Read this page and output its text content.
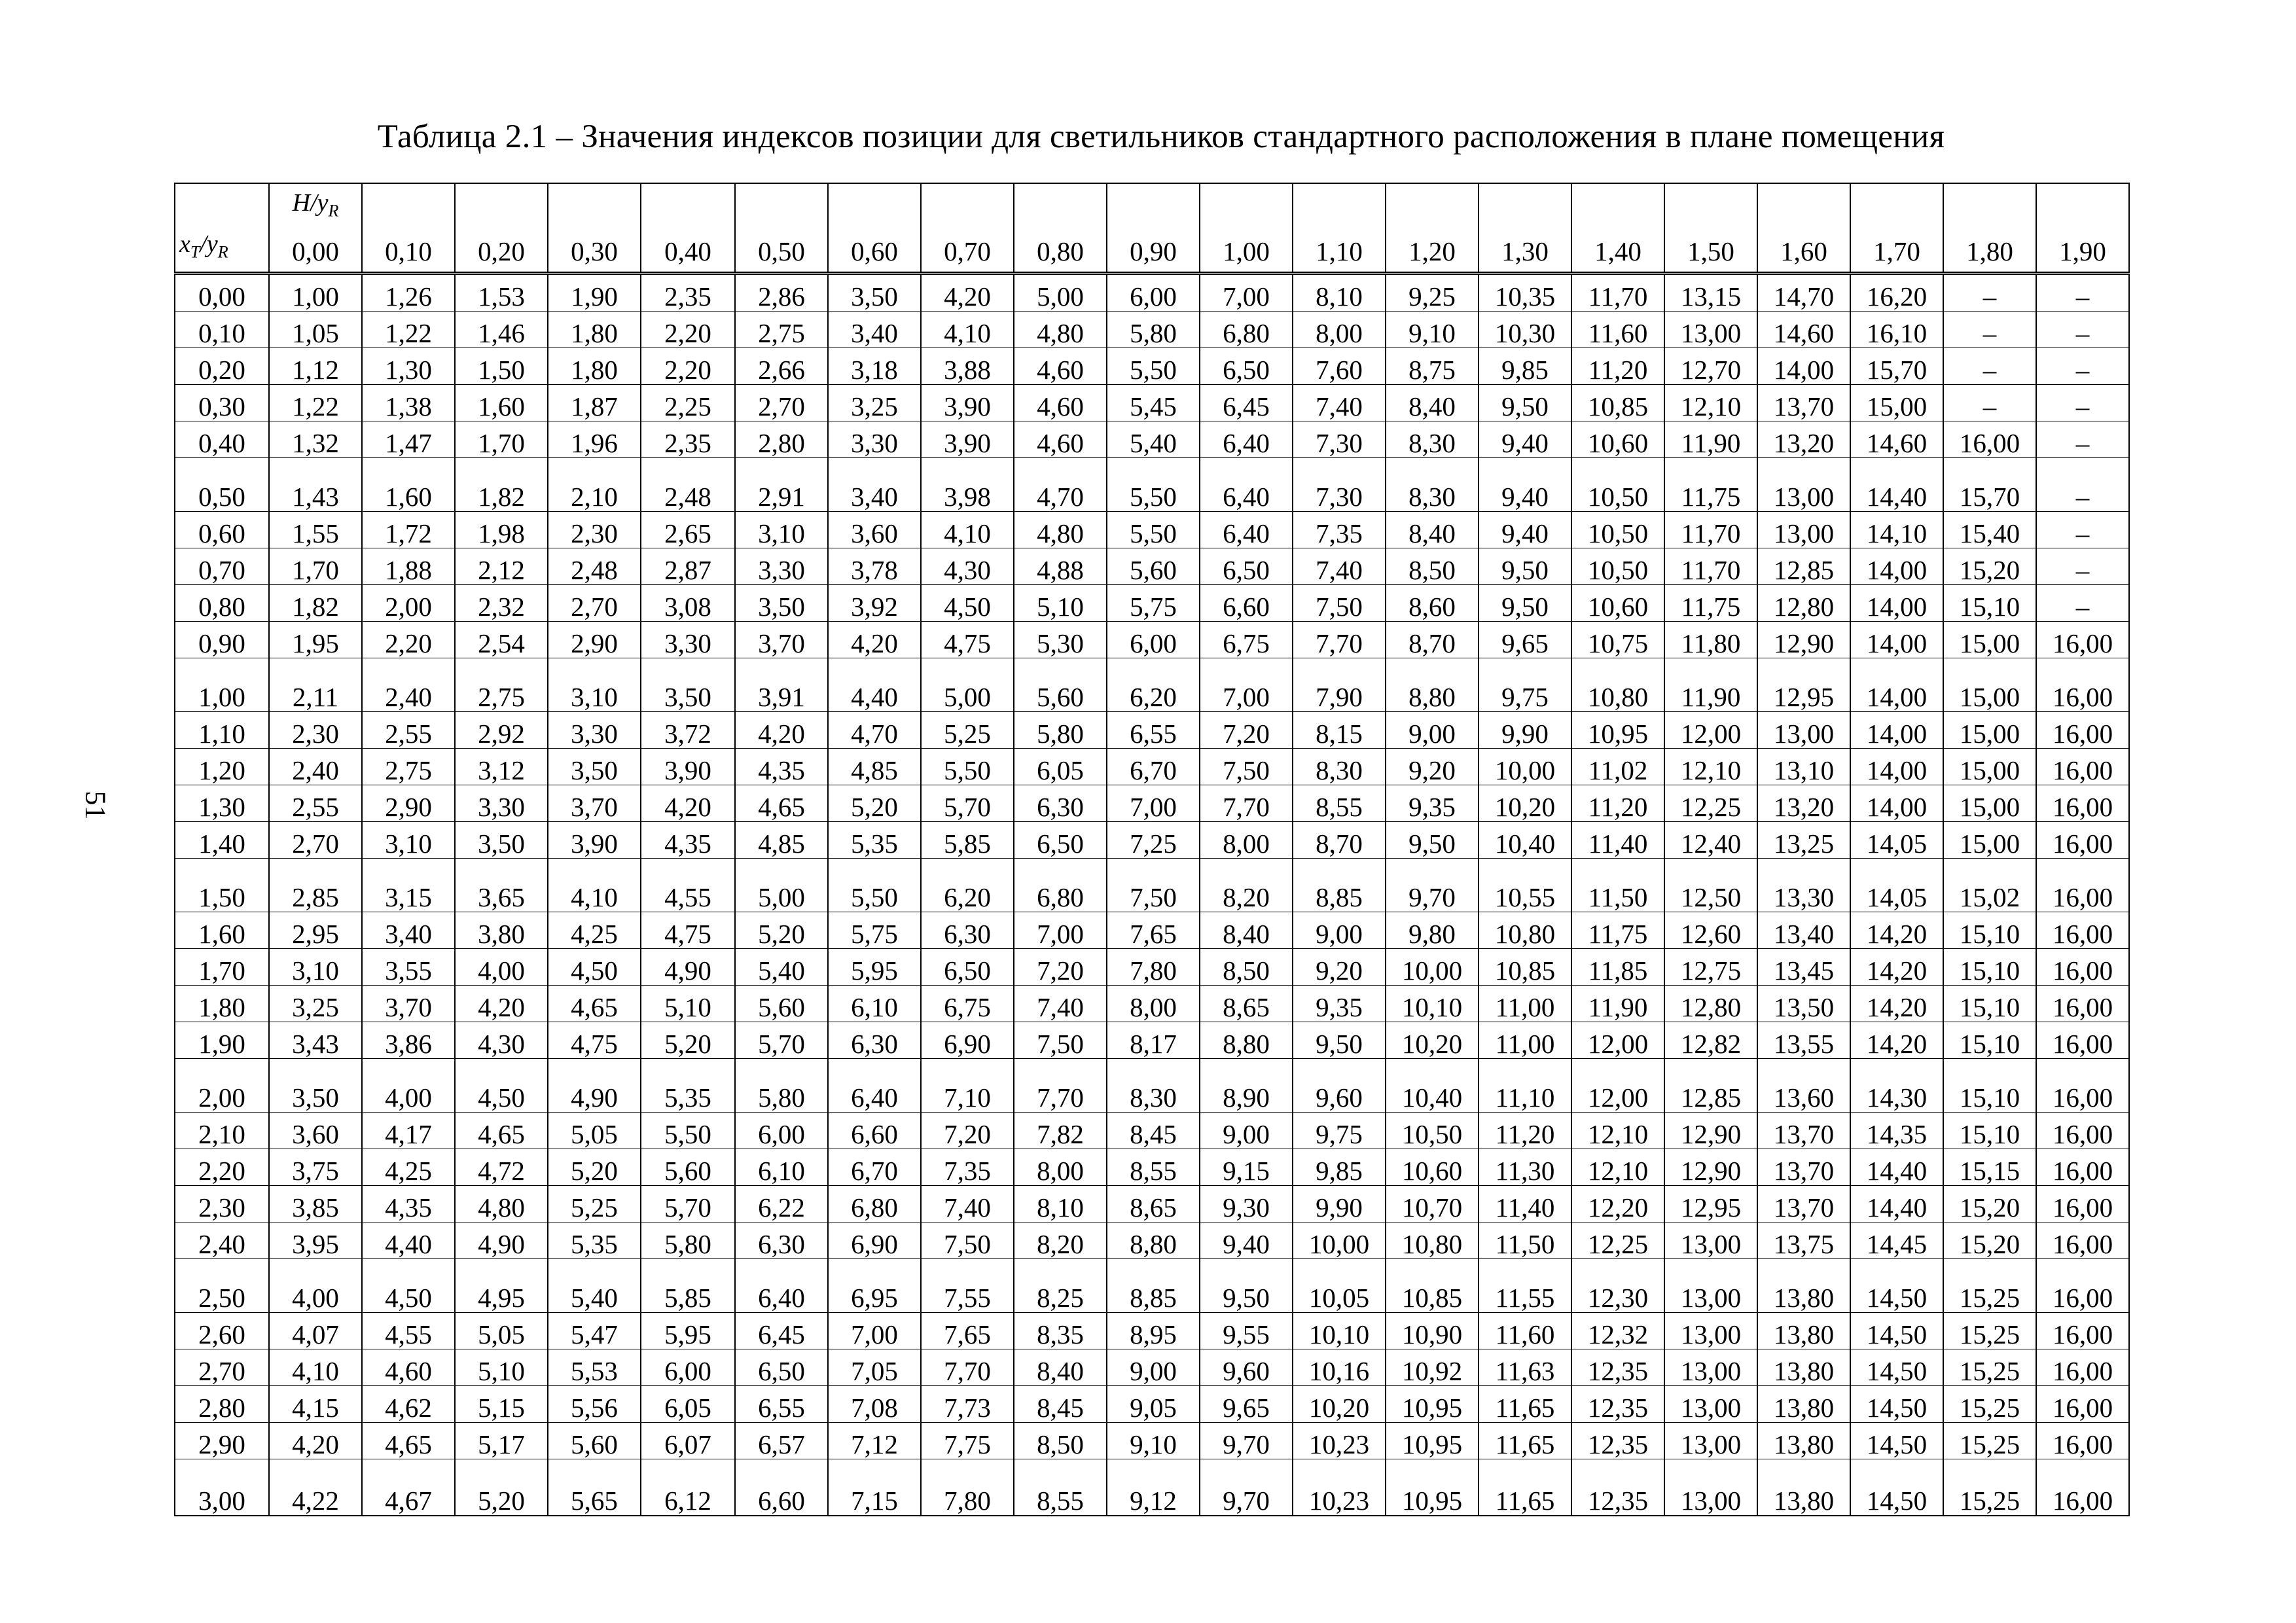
Таблица 2.1 – Значения индексов позиции для светильников стандартного расположения в плане помещения
51
$x_T/y_R$	$H/y_R$
0,00	0,10	0,20	0,30	0,40	0,50	0,60	0,70	0,80	0,90	1,00	1,10	1,20	1,30	1,40	1,50	1,60	1,70	1,80	1,90
0,00	1,00	1,26	1,53	1,90	2,35	2,86	3,50	4,20	5,00	6,00	7,00	8,10	9,25	10,35	11,70	13,15	14,70	16,20	–	–
0,10	1,05	1,22	1,46	1,80	2,20	2,75	3,40	4,10	4,80	5,80	6,80	8,00	9,10	10,30	11,60	13,00	14,60	16,10	–	–
0,20	1,12	1,30	1,50	1,80	2,20	2,66	3,18	3,88	4,60	5,50	6,50	7,60	8,75	9,85	11,20	12,70	14,00	15,70	–	–
0,30	1,22	1,38	1,60	1,87	2,25	2,70	3,25	3,90	4,60	5,45	6,45	7,40	8,40	9,50	10,85	12,10	13,70	15,00	–	–
0,40	1,32	1,47	1,70	1,96	2,35	2,80	3,30	3,90	4,60	5,40	6,40	7,30	8,30	9,40	10,60	11,90	13,20	14,60	16,00	–
0,50	1,43	1,60	1,82	2,10	2,48	2,91	3,40	3,98	4,70	5,50	6,40	7,30	8,30	9,40	10,50	11,75	13,00	14,40	15,70	–
0,60	1,55	1,72	1,98	2,30	2,65	3,10	3,60	4,10	4,80	5,50	6,40	7,35	8,40	9,40	10,50	11,70	13,00	14,10	15,40	–
0,70	1,70	1,88	2,12	2,48	2,87	3,30	3,78	4,30	4,88	5,60	6,50	7,40	8,50	9,50	10,50	11,70	12,85	14,00	15,20	–
0,80	1,82	2,00	2,32	2,70	3,08	3,50	3,92	4,50	5,10	5,75	6,60	7,50	8,60	9,50	10,60	11,75	12,80	14,00	15,10	–
0,90	1,95	2,20	2,54	2,90	3,30	3,70	4,20	4,75	5,30	6,00	6,75	7,70	8,70	9,65	10,75	11,80	12,90	14,00	15,00	16,00
1,00	2,11	2,40	2,75	3,10	3,50	3,91	4,40	5,00	5,60	6,20	7,00	7,90	8,80	9,75	10,80	11,90	12,95	14,00	15,00	16,00
1,10	2,30	2,55	2,92	3,30	3,72	4,20	4,70	5,25	5,80	6,55	7,20	8,15	9,00	9,90	10,95	12,00	13,00	14,00	15,00	16,00
1,20	2,40	2,75	3,12	3,50	3,90	4,35	4,85	5,50	6,05	6,70	7,50	8,30	9,20	10,00	11,02	12,10	13,10	14,00	15,00	16,00
1,30	2,55	2,90	3,30	3,70	4,20	4,65	5,20	5,70	6,30	7,00	7,70	8,55	9,35	10,20	11,20	12,25	13,20	14,00	15,00	16,00
1,40	2,70	3,10	3,50	3,90	4,35	4,85	5,35	5,85	6,50	7,25	8,00	8,70	9,50	10,40	11,40	12,40	13,25	14,05	15,00	16,00
1,50	2,85	3,15	3,65	4,10	4,55	5,00	5,50	6,20	6,80	7,50	8,20	8,85	9,70	10,55	11,50	12,50	13,30	14,05	15,02	16,00
1,60	2,95	3,40	3,80	4,25	4,75	5,20	5,75	6,30	7,00	7,65	8,40	9,00	9,80	10,80	11,75	12,60	13,40	14,20	15,10	16,00
1,70	3,10	3,55	4,00	4,50	4,90	5,40	5,95	6,50	7,20	7,80	8,50	9,20	10,00	10,85	11,85	12,75	13,45	14,20	15,10	16,00
1,80	3,25	3,70	4,20	4,65	5,10	5,60	6,10	6,75	7,40	8,00	8,65	9,35	10,10	11,00	11,90	12,80	13,50	14,20	15,10	16,00
1,90	3,43	3,86	4,30	4,75	5,20	5,70	6,30	6,90	7,50	8,17	8,80	9,50	10,20	11,00	12,00	12,82	13,55	14,20	15,10	16,00
2,00	3,50	4,00	4,50	4,90	5,35	5,80	6,40	7,10	7,70	8,30	8,90	9,60	10,40	11,10	12,00	12,85	13,60	14,30	15,10	16,00
2,10	3,60	4,17	4,65	5,05	5,50	6,00	6,60	7,20	7,82	8,45	9,00	9,75	10,50	11,20	12,10	12,90	13,70	14,35	15,10	16,00
2,20	3,75	4,25	4,72	5,20	5,60	6,10	6,70	7,35	8,00	8,55	9,15	9,85	10,60	11,30	12,10	12,90	13,70	14,40	15,15	16,00
2,30	3,85	4,35	4,80	5,25	5,70	6,22	6,80	7,40	8,10	8,65	9,30	9,90	10,70	11,40	12,20	12,95	13,70	14,40	15,20	16,00
2,40	3,95	4,40	4,90	5,35	5,80	6,30	6,90	7,50	8,20	8,80	9,40	10,00	10,80	11,50	12,25	13,00	13,75	14,45	15,20	16,00
2,50	4,00	4,50	4,95	5,40	5,85	6,40	6,95	7,55	8,25	8,85	9,50	10,05	10,85	11,55	12,30	13,00	13,80	14,50	15,25	16,00
2,60	4,07	4,55	5,05	5,47	5,95	6,45	7,00	7,65	8,35	8,95	9,55	10,10	10,90	11,60	12,32	13,00	13,80	14,50	15,25	16,00
2,70	4,10	4,60	5,10	5,53	6,00	6,50	7,05	7,70	8,40	9,00	9,60	10,16	10,92	11,63	12,35	13,00	13,80	14,50	15,25	16,00
2,80	4,15	4,62	5,15	5,56	6,05	6,55	7,08	7,73	8,45	9,05	9,65	10,20	10,95	11,65	12,35	13,00	13,80	14,50	15,25	16,00
2,90	4,20	4,65	5,17	5,60	6,07	6,57	7,12	7,75	8,50	9,10	9,70	10,23	10,95	11,65	12,35	13,00	13,80	14,50	15,25	16,00
3,00	4,22	4,67	5,20	5,65	6,12	6,60	7,15	7,80	8,55	9,12	9,70	10,23	10,95	11,65	12,35	13,00	13,80	14,50	15,25	16,00
